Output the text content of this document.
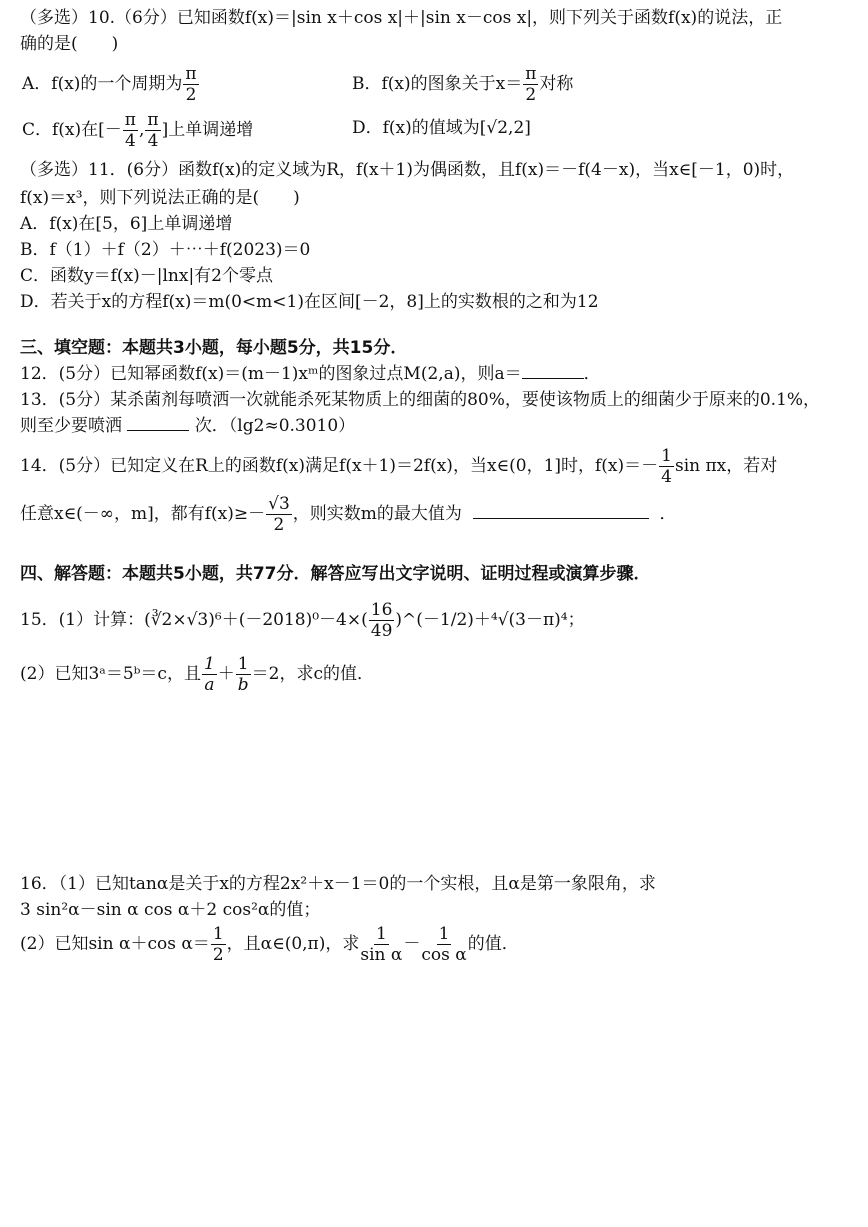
（多选）10.（6分）已知函数f(x)＝|sin x＋cos x|＋|sin x－cos x|，则下列关于函数f(x)的说法，正
确的是(　　)
A．f(x)的一个周期为 $\frac{\pi}{2}$	B．f(x)的图象关于$x= \frac{\pi}{2}$ 对称
C．f(x)在[－ $\frac{\pi}{4}$ , $\frac{\pi}{4}$ ]上单调递增	D．f(x)的值域为[√2,2]
（多选）11．(6分）函数f(x)的定义域为R，f(x＋1)为偶函数，且f(x)＝－f(4－x)，当x∈[－1，0)时，
f(x)＝x³，则下列说法正确的是(　　)
A．f(x)在[5，6]上单调递增
B．f（1）＋f（2）＋⋯＋f(2023)＝0
C．函数y＝f(x)－|lnx|有2个零点
D．若关于x的方程f(x)＝m(0<m<1)在区间[－2，8]上的实数根的之和为12
三、填空题：本题共3小题，每小题5分，共15分．
12．(5分）已知幂函数f(x)＝(m－1)xᵐ的图象过点M(2,a)，则a＝	．
13．(5分）某杀菌剂每喷洒一次就能杀死某物质上的细菌的80%，要使该物质上的细菌少于原来的0.1%，
则至少要喷洒	次．（lg2≈0.3010）
14．(5分）已知定义在R上的函数f(x)满足f(x＋1)＝2f(x)，当x∈(0，1]时，$f(x)=- \frac{1}{4}$ sin πx，若对
任意x∈(－∞，m]，都有$f(x)\ge- \frac{√3}{2}$ ，则实数m的最大值为	．
四、解答题：本题共5小题，共77分．解答应写出文字说明、证明过程或演算步骤．
15．(1）计算：(∛2×√3)⁶＋(－2018)⁰－4×( $\frac{16}{49}$ )^(－1/2)＋⁴√(3－π)⁴；
(2）已知3ᵃ＝5ᵇ＝c，且 $\frac{1}{a} + \frac{1}{b} =2$，求c的值．
16．（1）已知tanα是关于x的方程2x²＋x－1＝0的一个实根，且α是第一象限角，求
3 sin²α－sin α cos α＋2 cos²α的值；
(2）已知sin α＋cos $\alpha= \frac{1}{2}$ ，且α∈(0,π)，求 $\frac{1}{\text{sin α}} - \frac{1}{\text{cos α}}$ 的值．
